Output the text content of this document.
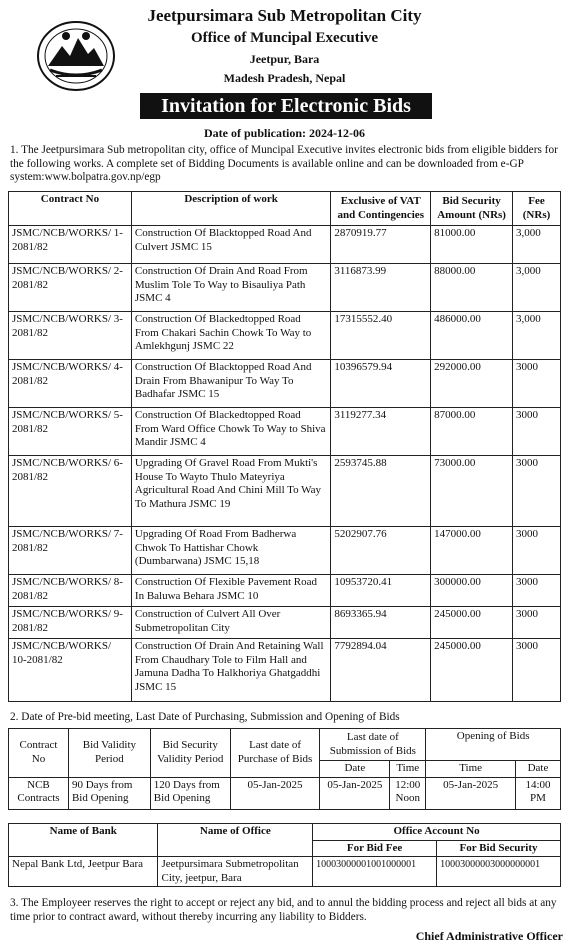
Jeetpursimara Sub Metropolitan City
Office of Muncipal Executive
Jeetpur, Bara
Madesh Pradesh, Nepal
Invitation for Electronic Bids
Date of publication: 2024-12-06
1. The Jeetpursimara Sub metropolitan city, office of Muncipal Executive invites electronic bids from eligible bidders for the following works. A complete set of Bidding Documents is available online and can be downloaded from e-GP system:www.bolpatra.gov.np/egp
Contract No	Description of work	Exclusive of VAT and Contingencies	Bid Security Amount (NRs)	Fee (NRs)
JSMC/NCB/WORKS/ 1-2081/82	Construction Of Blacktopped Road And Culvert JSMC 15	2870919.77	81000.00	3,000
JSMC/NCB/WORKS/ 2-2081/82	Construction Of Drain And Road From Muslim Tole To Way to Bisauliya Path JSMC 4	3116873.99	88000.00	3,000
JSMC/NCB/WORKS/ 3-2081/82	Construction Of Blackedtopped Road From Chakari Sachin Chowk To Way to Amlekhgunj JSMC 22	17315552.40	486000.00	3,000
JSMC/NCB/WORKS/ 4-2081/82	Construction Of Blacktopped Road And Drain From Bhawanipur To Way To Badhafar JSMC 15	10396579.94	292000.00	3000
JSMC/NCB/WORKS/ 5-2081/82	Construction Of Blackedtopped Road From Ward Office Chowk To Way to Shiva Mandir JSMC 4	3119277.34	87000.00	3000
JSMC/NCB/WORKS/ 6-2081/82	Upgrading Of Gravel Road From Mukti's House To Wayto Thulo Mateyriya Agricultural Road And Chini Mill To Way To Mathura JSMC 19	2593745.88	73000.00	3000
JSMC/NCB/WORKS/ 7-2081/82	Upgrading Of Road From Badherwa Chwok To Hattishar Chowk (Dumbarwana) JSMC 15,18	5202907.76	147000.00	3000
JSMC/NCB/WORKS/ 8-2081/82	Construction Of Flexible Pavement Road In Baluwa Behara JSMC 10	10953720.41	300000.00	3000
JSMC/NCB/WORKS/ 9-2081/82	Construction of Culvert All Over Submetropolitan City	8693365.94	245000.00	3000
JSMC/NCB/WORKS/ 10-2081/82	Construction Of Drain And Retaining Wall From Chaudhary Tole to Film Hall and Jamuna Dadha To Halkhoriya Ghatgaddhi JSMC 15	7792894.04	245000.00	3000
2. Date of Pre-bid meeting, Last Date of Purchasing, Submission and Opening of Bids
Contract No	Bid Validity Period	Bid Security Validity Period	Last date of Purchase of Bids	Last date of Submission of Bids		Opening of Bids	
				Date	Time	Time	Date
NCB Contracts	90 Days from Bid Opening	120 Days from Bid Opening	05-Jan-2025	05-Jan-2025	12:00 Noon	05-Jan-2025	14:00 PM
Name of Bank	Name of Office	Office Account No	
		For Bid Fee	For Bid Security
Nepal Bank Ltd, Jeetpur Bara	Jeetpursimara Submetropolitan City, jeetpur, Bara	10003000001001000001	10003000003000000001
3. The Employeer reserves the right to accept or reject any bid, and to annul the bidding process and reject all bids at any time prior to contract award, without thereby incurring any liability to Bidders.
Chief Administrative Officer
